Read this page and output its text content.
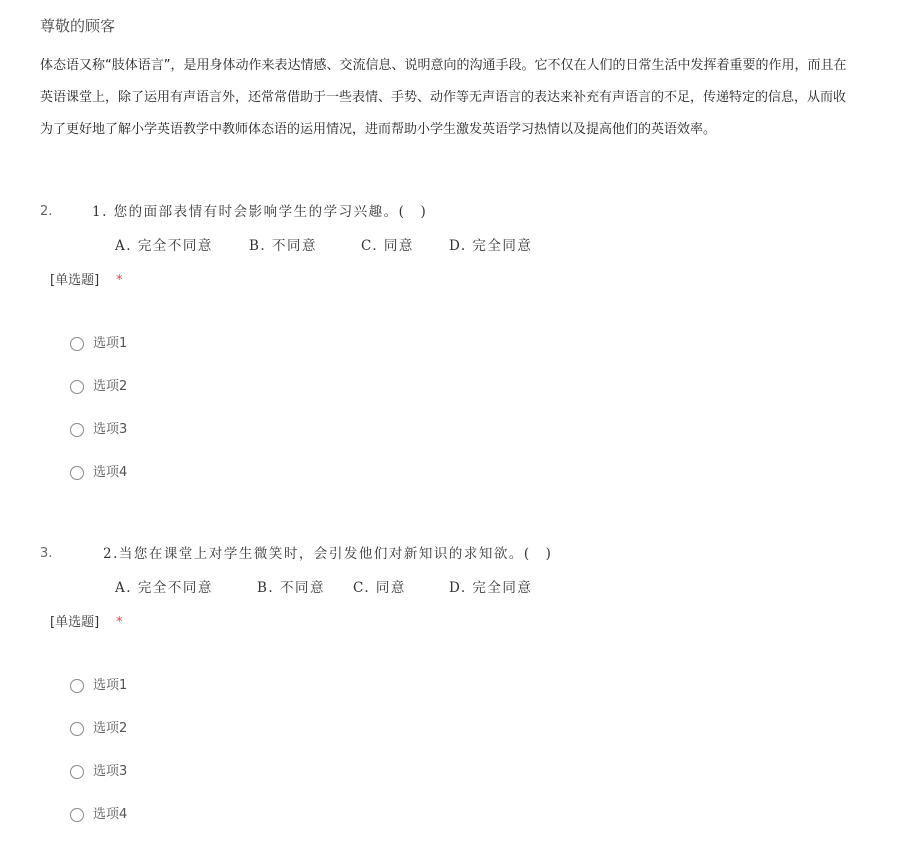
尊敬的顾客
体态语又称“肢体语言”，是用身体动作来表达情感、交流信息、说明意向的沟通手段。它不仅在人们的日常生活中发挥着重要的作用，而且在
英语课堂上，除了运用有声语言外，还常常借助于一些表情、手势、动作等无声语言的表达来补充有声语言的不足，传递特定的信息，从而收
为了更好地了解小学英语教学中教师体态语的运用情况，进而帮助小学生激发英语学习热情以及提高他们的英语效率。
2.	1. 您的面部表情有时会影响学生的学习兴趣。(　)
A. 完全不同意	B. 不同意	C. 同意	D. 完全同意
[单选题] *
选项1
选项2
选项3
选项4
3.	2.当您在课堂上对学生微笑时，会引发他们对新知识的求知欲。(　)
A. 完全不同意	B. 不同意 C. 同意	D. 完全同意
[单选题] *
选项1
选项2
选项3
选项4
